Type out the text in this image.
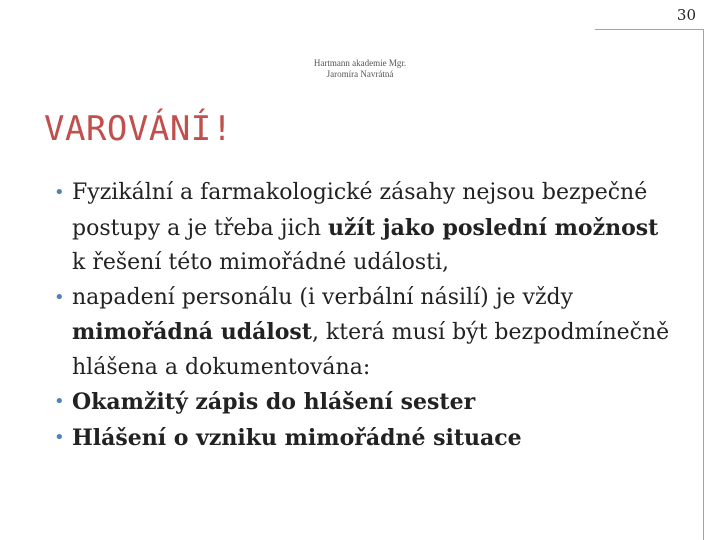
30
Hartmann akademie Mgr.
Jaromíra Navrátná
VAROVÁNÍ!
• Fyzikální a farmakologické zásahy nejsou bezpečné postupy a je třeba jich užít jako poslední možnost k řešení této mimořádné události,
• napadení personálu (i verbální násilí) je vždy mimořádná událost, která musí být bezpodmínečně hlášena a dokumentována:
• Okamžitý zápis do hlášení sester
• Hlášení o vzniku mimořádné situace
